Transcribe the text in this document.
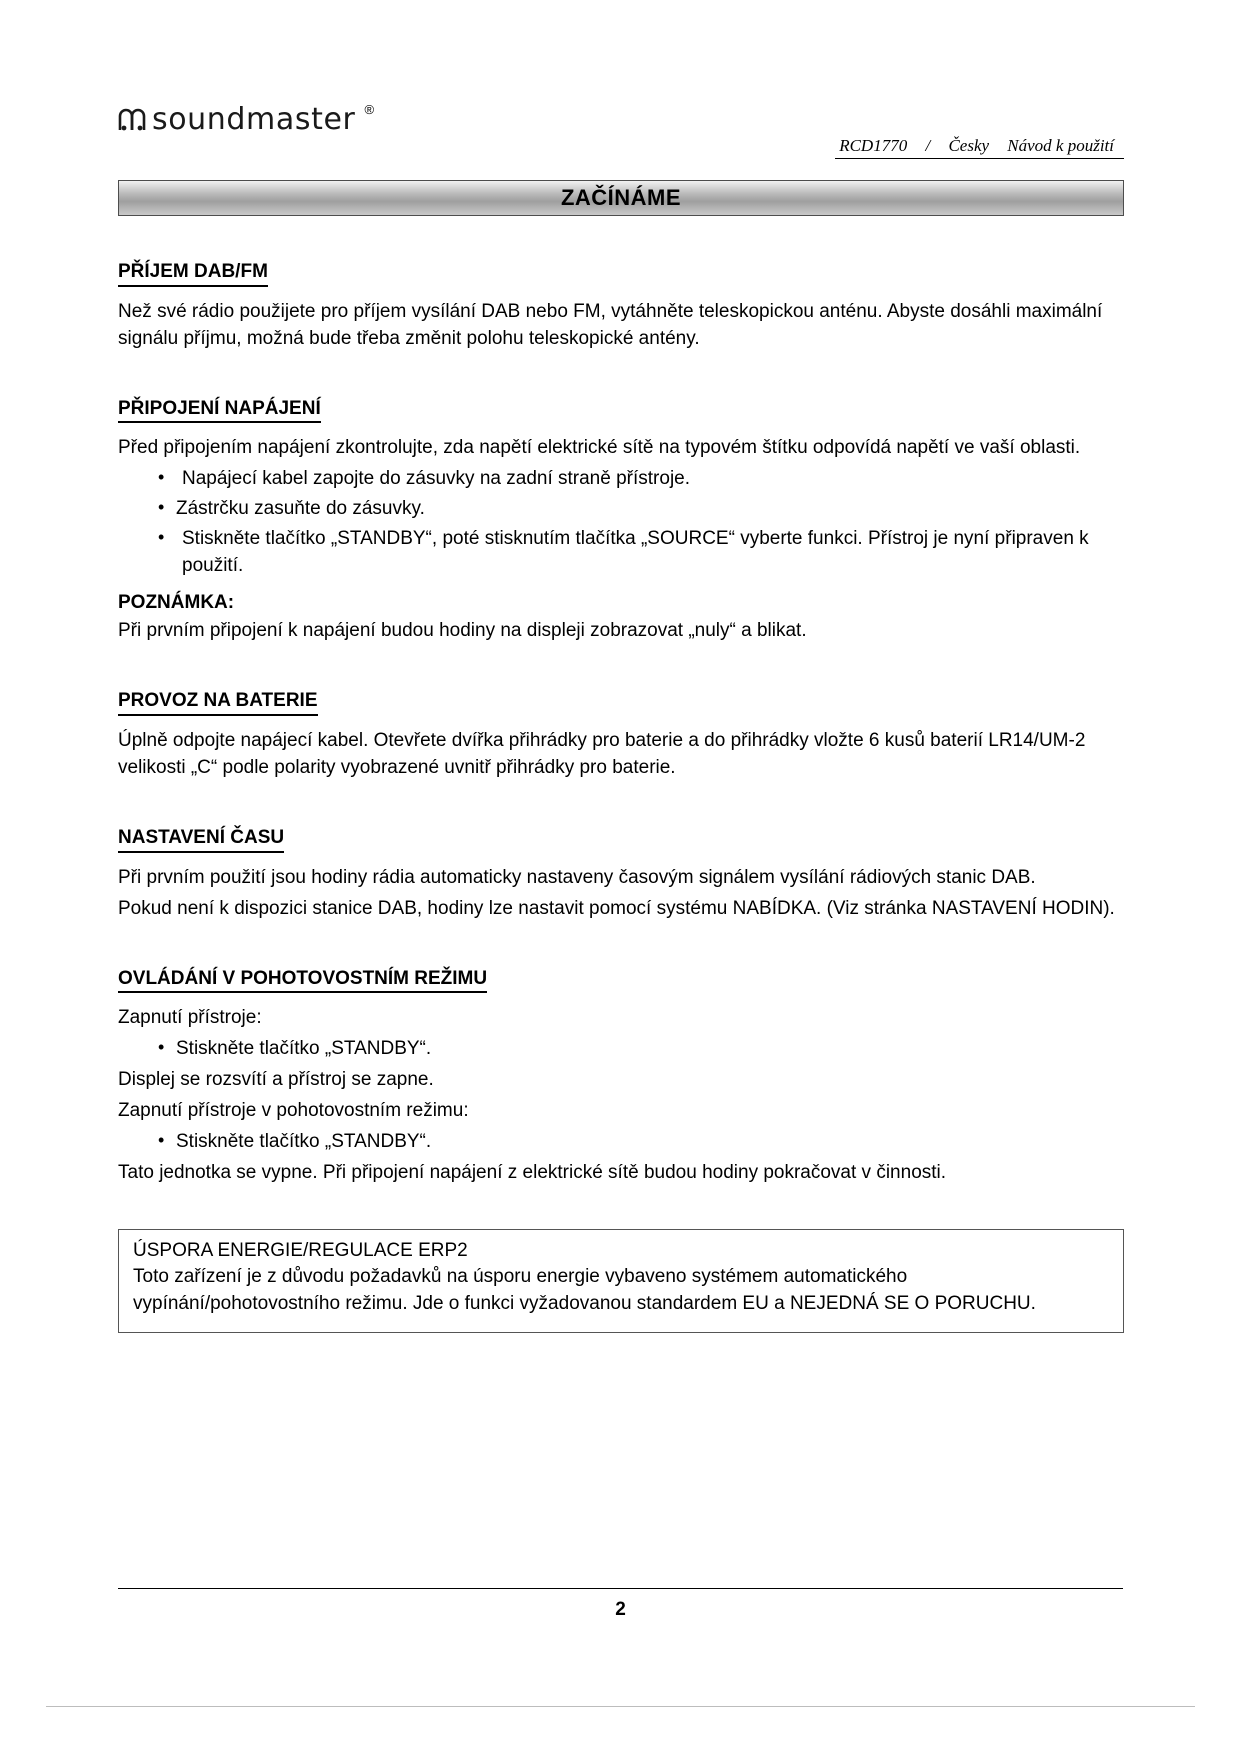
soundmaster ®
RCD1770 / Česky Návod k použití
ZAČÍNÁME
PŘÍJEM DAB/FM

Než své rádio použijete pro příjem vysílání DAB nebo FM, vytáhněte teleskopickou anténu. Abyste dosáhli maximální signálu příjmu, možná bude třeba změnit polohu teleskopické antény.

PŘIPOJENÍ NAPÁJENÍ

Před připojením napájení zkontrolujte, zda napětí elektrické sítě na typovém štítku odpovídá napětí ve vaší oblasti.

• Napájecí kabel zapojte do zásuvky na zadní straně přístroje.
• Zástrčku zasuňte do zásuvky.
• Stiskněte tlačítko „STANDBY“, poté stisknutím tlačítka „SOURCE“ vyberte funkci. Přístroj je nyní připraven k použití.

POZNÁMKA:

Při prvním připojení k napájení budou hodiny na displeji zobrazovat „nuly“ a blikat.

PROVOZ NA BATERIE

Úplně odpojte napájecí kabel. Otevřete dvířka přihrádky pro baterie a do přihrádky vložte 6 kusů baterií LR14/UM-2 velikosti „C“ podle polarity vyobrazené uvnitř přihrádky pro baterie.

NASTAVENÍ ČASU

Při prvním použití jsou hodiny rádia automaticky nastaveny časovým signálem vysílání rádiových stanic DAB.

Pokud není k dispozici stanice DAB, hodiny lze nastavit pomocí systému NABÍDKA. (Viz stránka NASTAVENÍ HODIN).

OVLÁDÁNÍ V POHOTOVOSTNÍM REŽIMU

Zapnutí přístroje:

• Stiskněte tlačítko „STANDBY“.

Displej se rozsvítí a přístroj se zapne.

Zapnutí přístroje v pohotovostním režimu:

• Stiskněte tlačítko „STANDBY“.

Tato jednotka se vypne. Při připojení napájení z elektrické sítě budou hodiny pokračovat v činnosti.

ÚSPORA ENERGIE/REGULACE ERP2

Toto zařízení je z důvodu požadavků na úsporu energie vybaveno systémem automatického vypínání/pohotovostního režimu. Jde o funkci vyžadovanou standardem EU a NEJEDNÁ SE O PORUCHU.

2
